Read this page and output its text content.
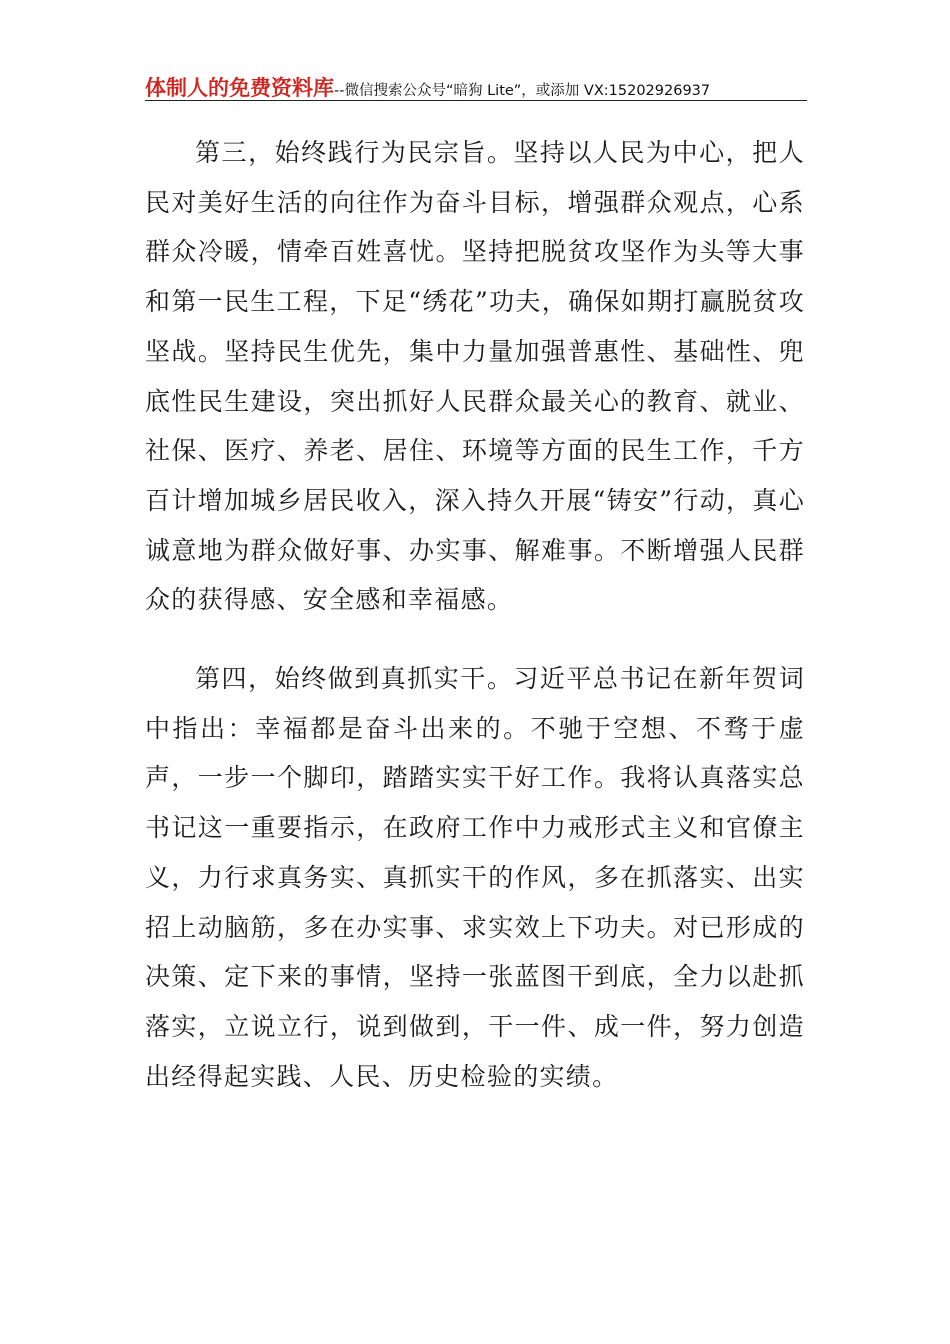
体制人的免费资料库--微信搜索公众号“暗狗 Lite”，或添加 VX:15202926937

第三，始终践行为民宗旨。坚持以人民为中心，把人民对美好生活的向往作为奋斗目标，增强群众观点，心系群众冷暖，情牵百姓喜忧。坚持把脱贫攻坚作为头等大事和第一民生工程，下足“绣花”功夫，确保如期打赢脱贫攻坚战。坚持民生优先，集中力量加强普惠性、基础性、兜底性民生建设，突出抓好人民群众最关心的教育、就业、社保、医疗、养老、居住、环境等方面的民生工作，千方百计增加城乡居民收入，深入持久开展“铸安”行动，真心诚意地为群众做好事、办实事、解难事。不断增强人民群众的获得感、安全感和幸福感。

第四，始终做到真抓实干。习近平总书记在新年贺词中指出：幸福都是奋斗出来的。不驰于空想、不骛于虚声，一步一个脚印，踏踏实实干好工作。我将认真落实总书记这一重要指示，在政府工作中力戒形式主义和官僚主义，力行求真务实、真抓实干的作风，多在抓落实、出实招上动脑筋，多在办实事、求实效上下功夫。对已形成的决策、定下来的事情，坚持一张蓝图干到底，全力以赴抓落实，立说立行，说到做到，干一件、成一件，努力创造出经得起实践、人民、历史检验的实绩。
